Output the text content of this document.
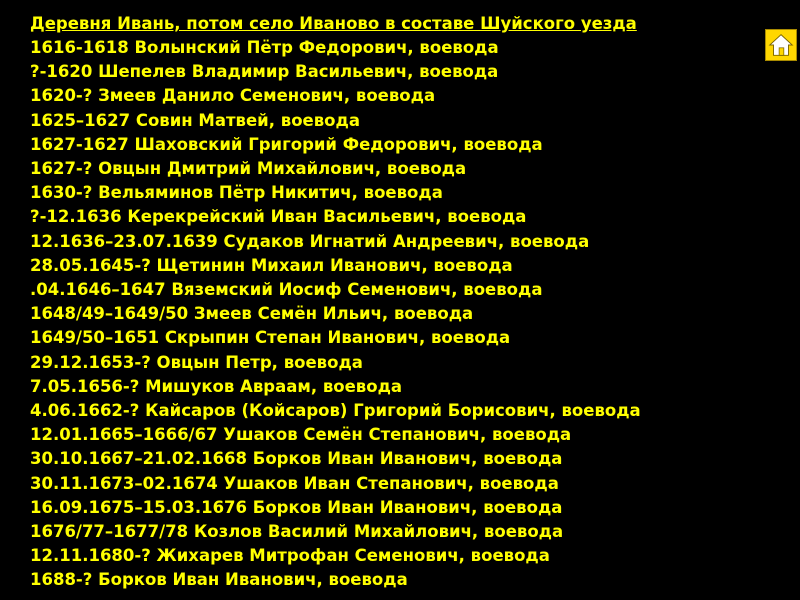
Деревня Ивань, потом село Иваново в составе Шуйского уезда
1616-1618 Волынский Пётр Федорович, воевода
?-1620 Шепелев Владимир Васильевич, воевода
1620-? Змеев Данило Семенович, воевода
1625–1627 Совин Матвей, воевода
1627-1627 Шаховский Григорий Федорович, воевода
1627-? Овцын Дмитрий Михайлович, воевода
1630-? Вельяминов Пётр Никитич, воевода
?-12.1636 Керекрейский Иван Васильевич, воевода
12.1636–23.07.1639 Судаков Игнатий Андреевич, воевода
28.05.1645-? Щетинин Михаил Иванович, воевода
.04.1646–1647 Вяземский Иосиф Семенович, воевода
1648/49–1649/50 Змеев Семён Ильич, воевода
1649/50–1651 Скрыпин Степан Иванович, воевода
29.12.1653-? Овцын Петр, воевода
7.05.1656-? Мишуков Авраам, воевода
4.06.1662-? Кайсаров (Койсаров) Григорий Борисович, воевода
12.01.1665–1666/67 Ушаков Семён Степанович, воевода
30.10.1667–21.02.1668 Борков Иван Иванович, воевода
30.11.1673–02.1674 Ушаков Иван Степанович, воевода
16.09.1675–15.03.1676 Борков Иван Иванович, воевода
1676/77–1677/78 Козлов Василий Михайлович, воевода
12.11.1680-? Жихарев Митрофан Семенович, воевода
1688-? Борков Иван Иванович, воевода
